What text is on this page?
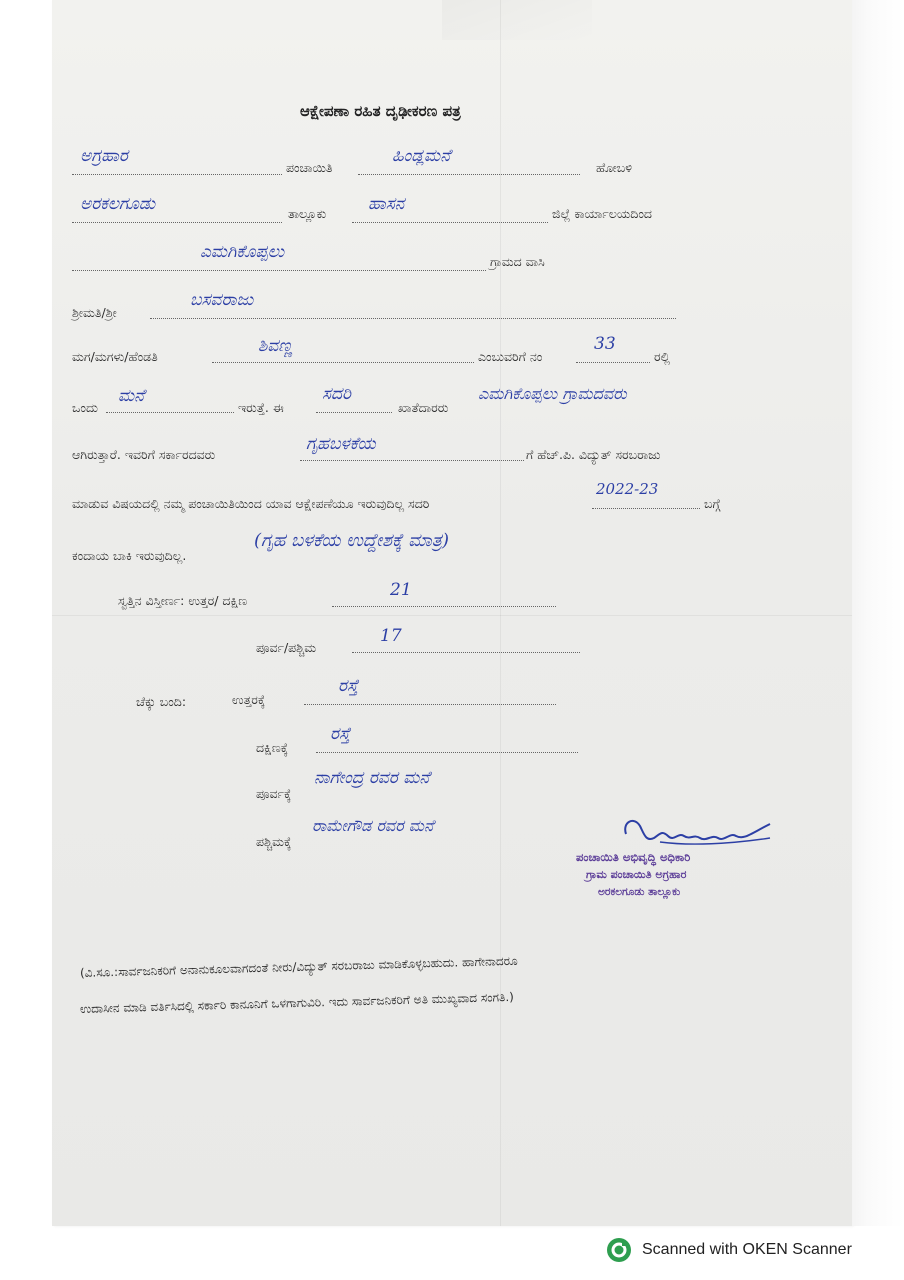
ಆಕ್ಷೇಪಣಾ ರಹಿತ ದೃಢೀಕರಣ ಪತ್ರ
ಅಗ್ರಹಾರ
ಪಂಚಾಯಿತಿ
ಹಿಂಡ್ಲಮನೆ
ಹೋಬಳಿ
ಅರಕಲಗೂಡು	ತಾಲ್ಲೂಕು ಹಾಸನ	ಜಿಲ್ಲೆ ಕಾರ್ಯಾಲಯದಿಂದ
ಎಮಗಿಕೊಪ್ಪಲು	ಗ್ರಾಮದ ವಾಸಿ
ಶ್ರೀಮತಿ/ಶ್ರೀ
ಬಸವರಾಜು
ಮಗ/ಮಗಳು/ಹೆಂಡತಿ
ಶಿವಣ್ಣ
ಎಂಬುವರಿಗೆ ನಂ
33
ರಲ್ಲಿ
ಒಂದು
ಮನೆ
ಇರುತ್ತೆ. ಈ
ಸದರಿ
ಖಾತೆದಾರರು
ಎಮಗಿಕೊಪ್ಪಲು ಗ್ರಾಮದವರು
ಆಗಿರುತ್ತಾರೆ. ಇವರಿಗೆ ಸರ್ಕಾರದವರು
ಗೃಹಬಳಕೆಯ
ಗೆ ಹೆಚ್.ಪಿ. ವಿದ್ಯುತ್ ಸರಬರಾಜು
ಮಾಡುವ ವಿಷಯದಲ್ಲಿ ನಮ್ಮ ಪಂಚಾಯಿತಿಯಿಂದ ಯಾವ ಆಕ್ಷೇಪಣೆಯೂ ಇರುವುದಿಲ್ಲ ಸದರಿ
2022-23
ಬಗ್ಗೆ
ಕಂದಾಯ ಬಾಕಿ ಇರುವುದಿಲ್ಲ.
(ಗೃಹ ಬಳಕೆಯ ಉದ್ದೇಶಕ್ಕೆ ಮಾತ್ರ)
ಸ್ವತ್ತಿನ ವಿಸ್ತೀರ್ಣ: ಉತ್ತರ/ ದಕ್ಷಿಣ
21
ಪೂರ್ವ/ಪಶ್ಚಿಮ
17
ಚೆಕ್ಕು ಬಂದಿ:	ಉತ್ತರಕ್ಕೆ
ರಸ್ತೆ
ದಕ್ಷಿಣಕ್ಕೆ
ರಸ್ತೆ
ಪೂರ್ವಕ್ಕೆ
ನಾಗೇಂದ್ರ ರವರ ಮನೆ
ಪಶ್ಚಿಮಕ್ಕೆ
ರಾಮೇಗೌಡ ರವರ ಮನೆ
ಪಂಚಾಯಿತಿ ಅಭಿವೃದ್ಧಿ ಅಧಿಕಾರಿ
ಗ್ರಾಮ ಪಂಚಾಯಿತಿ ಅಗ್ರಹಾರ
ಅರಕಲಗೂಡು ತಾಲ್ಲೂಕು
(ವಿ.ಸೂ.:ಸಾರ್ವಜನಿಕರಿಗೆ ಅನಾನುಕೂಲವಾಗದಂತೆ ನೀರು/ವಿದ್ಯುತ್ ಸರಬರಾಜು ಮಾಡಿಕೊಳ್ಳಬಹುದು. ಹಾಗೇನಾದರೂ
ಉದಾಸೀನ ಮಾಡಿ ವರ್ತಿಸಿದಲ್ಲಿ ಸರ್ಕಾರಿ ಕಾನೂನಿಗೆ ಒಳಗಾಗುವಿರಿ. ಇದು ಸಾರ್ವಜನಿಕರಿಗೆ ಅತಿ ಮುಖ್ಯವಾದ ಸಂಗತಿ.)
Scanned with OKEN Scanner
